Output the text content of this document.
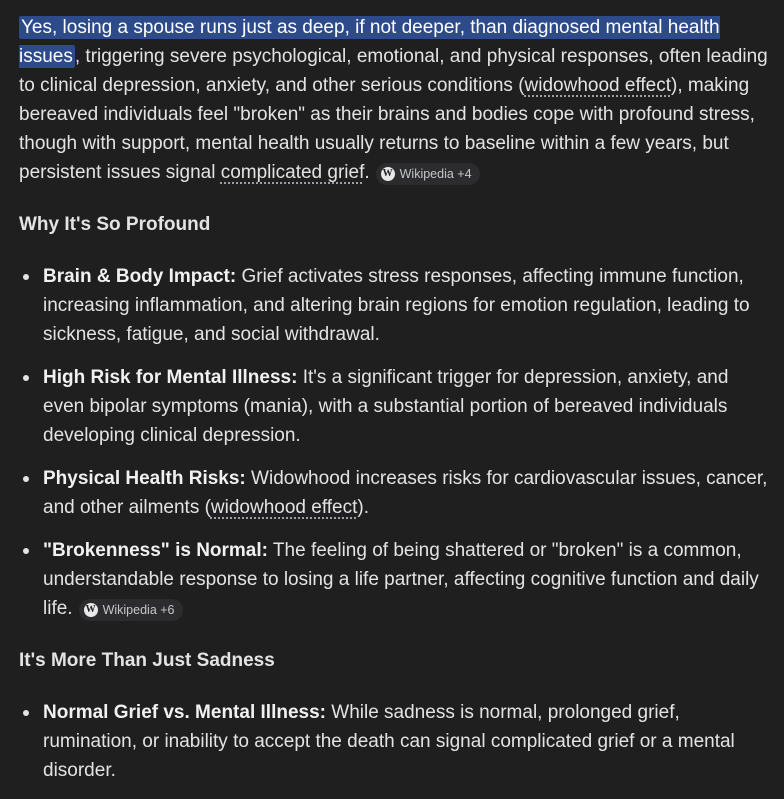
Yes, losing a spouse runs just as deep, if not deeper, than diagnosed mental health issues , triggering severe psychological, emotional, and physical responses, often leading to clinical depression, anxiety, and other serious conditions (widowhood effect), making bereaved individuals feel "broken" as their brains and bodies cope with profound stress, though with support, mental health usually returns to baseline within a few years, but persistent issues signal complicated grief. W Wikipedia +4

Why It's So Profound
Brain & Body Impact: Grief activates stress responses, affecting immune function, increasing inflammation, and altering brain regions for emotion regulation, leading to sickness, fatigue, and social withdrawal.
High Risk for Mental Illness: It's a significant trigger for depression, anxiety, and even bipolar symptoms (mania), with a substantial portion of bereaved individuals developing clinical depression.
Physical Health Risks: Widowhood increases risks for cardiovascular issues, cancer, and other ailments (widowhood effect).
"Brokenness" is Normal: The feeling of being shattered or "broken" is a common, understandable response to losing a life partner, affecting cognitive function and daily life. W Wikipedia +6
It's More Than Just Sadness
Normal Grief vs. Mental Illness: While sadness is normal, prolonged grief, rumination, or inability to accept the death can signal complicated grief or a mental disorder.
